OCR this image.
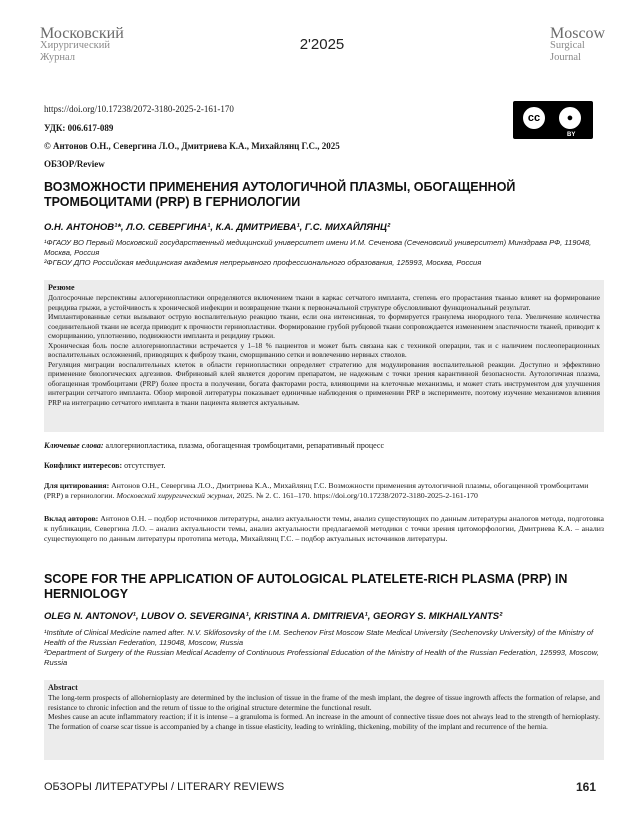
Московский
Хирургический
Журнал
2'2025
Moscow
Surgical
Journal
https://doi.org/10.17238/2072-3180-2025-2-161-170
УДК: 006.617-089
© Антонов О.Н., Севергина Л.О., Дмитриева К.А., Михайлянц Г.С., 2025
ОБЗОР/Review
cc	●
BY
ВОЗМОЖНОСТИ ПРИМЕНЕНИЯ АУТОЛОГИЧНОЙ ПЛАЗМЫ, ОБОГАЩЕННОЙ ТРОМБОЦИТАМИ (PRP) В ГЕРНИОЛОГИИ
О.Н. АНТОНОВ¹*, Л.О. СЕВЕРГИНА¹, К.А. ДМИТРИЕВА¹, Г.С. МИХАЙЛЯНЦ²
¹ФГАОУ ВО Первый Московский государственный медицинский университет имени И.М. Сеченова (Сеченовский университет) Минздрава РФ, 119048, Москва, Россия
²ФГБОУ ДПО Российская медицинская академия непрерывного профессионального образования, 125993, Москва, Россия
Резюме

Долгосрочные перспективы аллогерниопластики определяются включением ткани в каркас сетчатого импланта, степень его прорастания тканью влияет на формирование рецидива грыжи, а устойчивость к хронической инфекции и возвращение ткани к первоначальной структуре обусловливают функциональный результат.

Имплантированные сетки вызывают острую воспалительную реакцию ткани, если она интенсивная, то формируется гранулема инородного тела. Увеличение количества соединительной ткани не всегда приводит к прочности герниопластики. Формирование грубой рубцовой ткани сопровождается изменением эластичности тканей, приводит к сморщиванию, уплотнению, подвижности импланта и рецидиву грыжи.

Хроническая боль после аллогерниопластики встречается у 1–18 % пациентов и может быть связана как с техникой операции, так и с наличием послеоперационных воспалительных осложнений, приводящих к фиброзу ткани, сморщиванию сетки и вовлечению нервных стволов.

Регуляция миграции воспалительных клеток в области герниопластики определяет стратегию для модулирования воспалительной реакции. Доступно и эффективно применение биологических адгезивов. Фибриновый клей является дорогим препаратом, не надежным с точки зрения карантинной безопасности. Аутологичная плазма, обогащенная тромбоцитами (PRP) более проста в получении, богата факторами роста, влияющими на клеточные механизмы, и может стать инструментом для улучшения интеграции сетчатого импланта. Обзор мировой литературы показывает единичные наблюдения о применении PRP в эксперименте, поэтому изучение механизмов влияния PRP на интеграцию сетчатого импланта в ткани пациента является актуальным.

Ключевые слова: аллогерниопластика, плазма, обогащенная тромбоцитами, репаративный процесс
Конфликт интересов: отсутствует.
Для цитирования: Антонов О.Н., Севергина Л.О., Дмитриева К.А., Михайлянц Г.С. Возможности применения аутологичной плазмы, обогащенной тромбоцитами (PRP) в герниологии. Московский хирургический журнал, 2025. № 2. С. 161–170. https://doi.org/10.17238/2072-3180-2025-2-161-170
Вклад авторов: Антонов О.Н. – подбор источников литературы, анализ актуальности темы, анализ существующих по данным литературы аналогов метода, подготовка к публикации, Севергина Л.О. – анализ актуальности темы, анализ актуальности предлагаемой методики с точки зрения цитоморфологии, Дмитриева К.А. – анализ существующего по данным литературы прототипа метода, Михайлянц Г.С. – подбор актуальных источников литературы.
SCOPE FOR THE APPLICATION OF AUTOLOGICAL PLATELETE-RICH PLASMA (PRP) IN HERNIOLOGY
OLEG N. ANTONOV¹, LUBOV O. SEVERGINA¹, KRISTINA A. DMITRIEVA¹, GEORGY S. MIKHAILYANTS²
¹Institute of Clinical Medicine named after. N.V. Sklifosovsky of the I.M. Sechenov First Moscow State Medical University (Sechenovsky University) of the Ministry of Health of the Russian Federation, 119048, Moscow, Russia
²Department of Surgery of the Russian Medical Academy of Continuous Professional Education of the Ministry of Health of the Russian Federation, 125993, Moscow, Russia
Abstract

The long-term prospects of allohernioplasty are determined by the inclusion of tissue in the frame of the mesh implant, the degree of tissue ingrowth affects the formation of relapse, and resistance to chronic infection and the return of tissue to the original structure determine the functional result.

Meshes cause an acute inflammatory reaction; if it is intense – a granuloma is formed. An increase in the amount of connective tissue does not always lead to the strength of hernioplasty. The formation of coarse scar tissue is accompanied by a change in tissue elasticity, leading to wrinkling, thickening, mobility of the implant and recurrence of the hernia.

ОБЗОРЫ ЛИТЕРАТУРЫ / LITERARY REVIEWS	161
